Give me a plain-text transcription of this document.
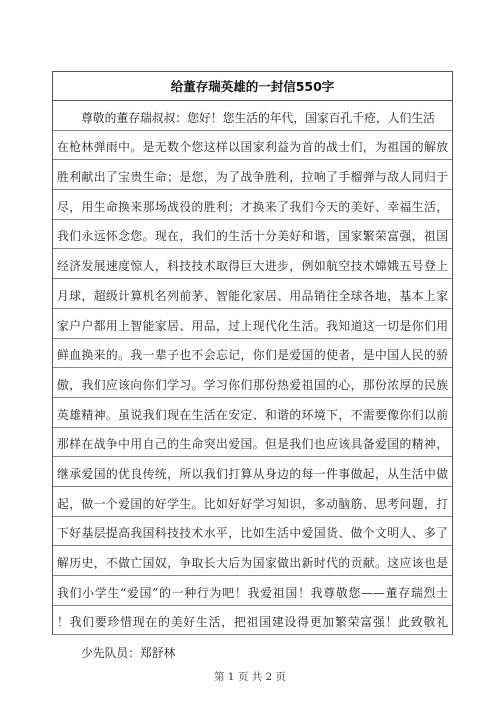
给董存瑞英雄的一封信550字
尊敬的董存瑞叔叔：您好！您生活的年代，国家百孔千疮，人们生活
在枪林弹雨中。是无数个您这样以国家利益为首的战士们，为祖国的解放
胜利献出了宝贵生命；是您，为了战争胜利，拉响了手榴弹与敌人同归于
尽，用生命换来那场战役的胜利；才换来了我们今天的美好、幸福生活，
我们永远怀念您。现在，我们的生活十分美好和谐，国家繁荣富强，祖国
经济发展速度惊人，科技技术取得巨大进步，例如航空技术嫦娥五号登上
月球，超级计算机名列前茅、智能化家居、用品销往全球各地，基本上家
家户户都用上智能家居、用品，过上现代化生活。我知道这一切是你们用
鲜血换来的。我一辈子也不会忘记，你们是爱国的使者，是中国人民的骄
傲，我们应该向你们学习。学习你们那份热爱祖国的心，那份浓厚的民族
英雄精神。虽说我们现在生活在安定、和谐的环境下，不需要像你们以前
那样在战争中用自己的生命突出爱国。但是我们也应该具备爱国的精神，
继承爱国的优良传统，所以我们打算从身边的每一件事做起，从生活中做
起，做一个爱国的好学生。比如好好学习知识，多动脑筋、思考问题，打
下好基层提高我国科技技术水平，比如生活中爱国货、做个文明人、多了
解历史，不做亡国奴，争取长大后为国家做出新时代的贡献。这应该也是
我们小学生“爱国”的一种行为吧！我爱祖国！我尊敬您——董存瑞烈士
！我们要珍惜现在的美好生活，把祖国建设得更加繁荣富强！此致敬礼
少先队员：郑舒林
第 1 页 共 2 页
